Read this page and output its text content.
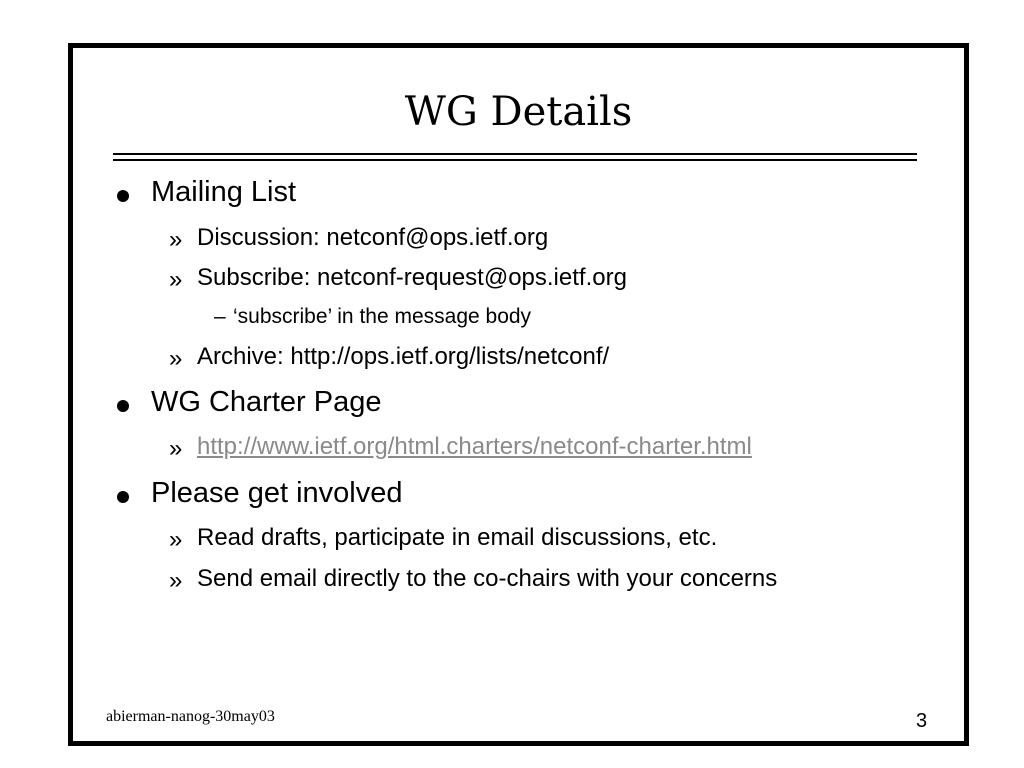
WG Details
Mailing List
» Discussion: netconf@ops.ietf.org
» Subscribe: netconf-request@ops.ietf.org
– ‘subscribe’ in the message body
» Archive: http://ops.ietf.org/lists/netconf/
WG Charter Page
» http://www.ietf.org/html.charters/netconf-charter.html
Please get involved
» Read drafts, participate in email discussions, etc.
» Send email directly to the co-chairs with your concerns
abierman-nanog-30may03	3
